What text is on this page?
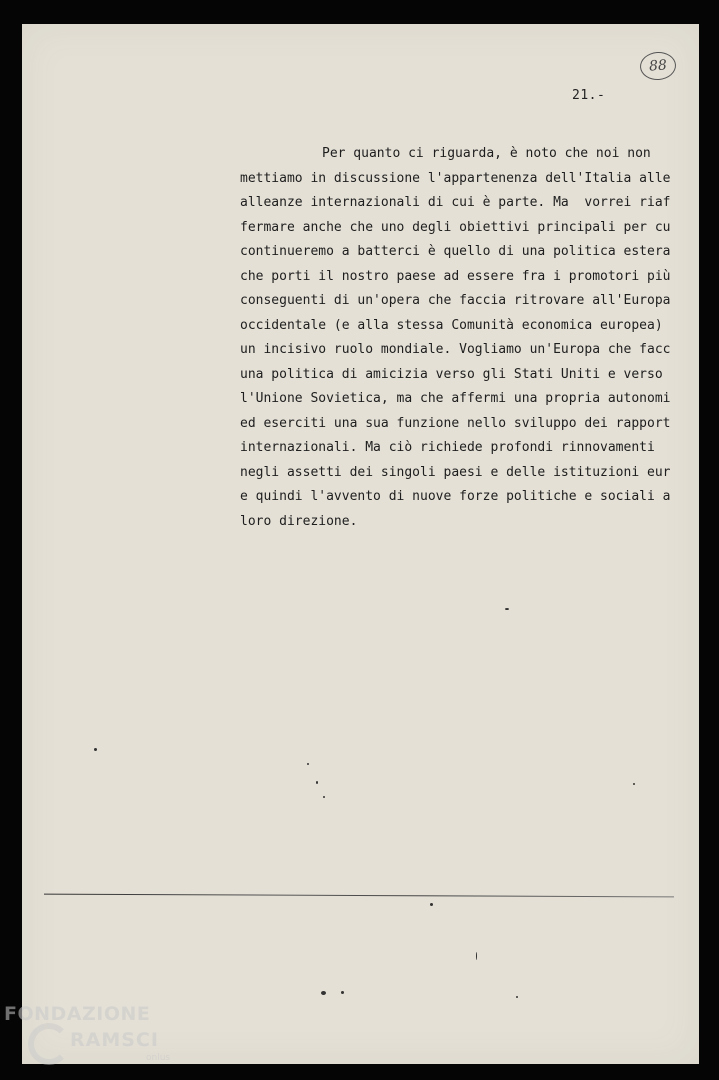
88
21.-
Per quanto ci riguarda, è noto che noi non
mettiamo in discussione l'appartenenza dell'Italia alle
alleanze internazionali di cui è parte. Ma  vorrei riaf
fermare anche che uno degli obiettivi principali per cu
continueremo a batterci è quello di una politica estera
che porti il nostro paese ad essere fra i promotori più
conseguenti di un'opera che faccia ritrovare all'Europa
occidentale (e alla stessa Comunità economica europea)
un incisivo ruolo mondiale. Vogliamo un'Europa che facc
una politica di amicizia verso gli Stati Uniti e verso
l'Unione Sovietica, ma che affermi una propria autonomi
ed eserciti una sua funzione nello sviluppo dei rapport
internazionali. Ma ciò richiede profondi rinnovamenti
negli assetti dei singoli paesi e delle istituzioni eur
e quindi l'avvento di nuove forze politiche e sociali a
loro direzione.
FONDAZIONE
RAMSCI
onlus
